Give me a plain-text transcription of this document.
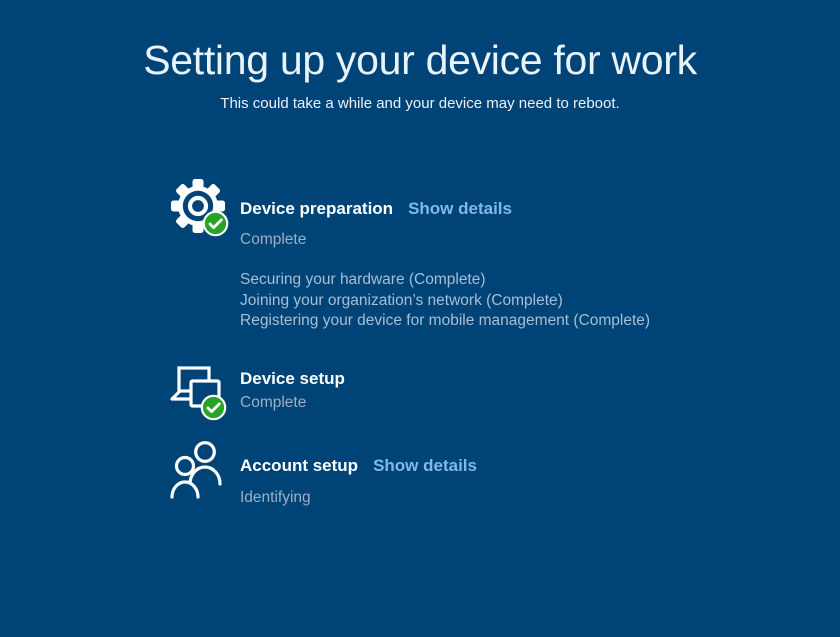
Setting up your device for work
This could take a while and your device may need to reboot.
Device preparation Show details
Complete
Securing your hardware (Complete)
Joining your organization’s network (Complete)
Registering your device for mobile management (Complete)
Device setup
Complete
Account setup Show details
Identifying
